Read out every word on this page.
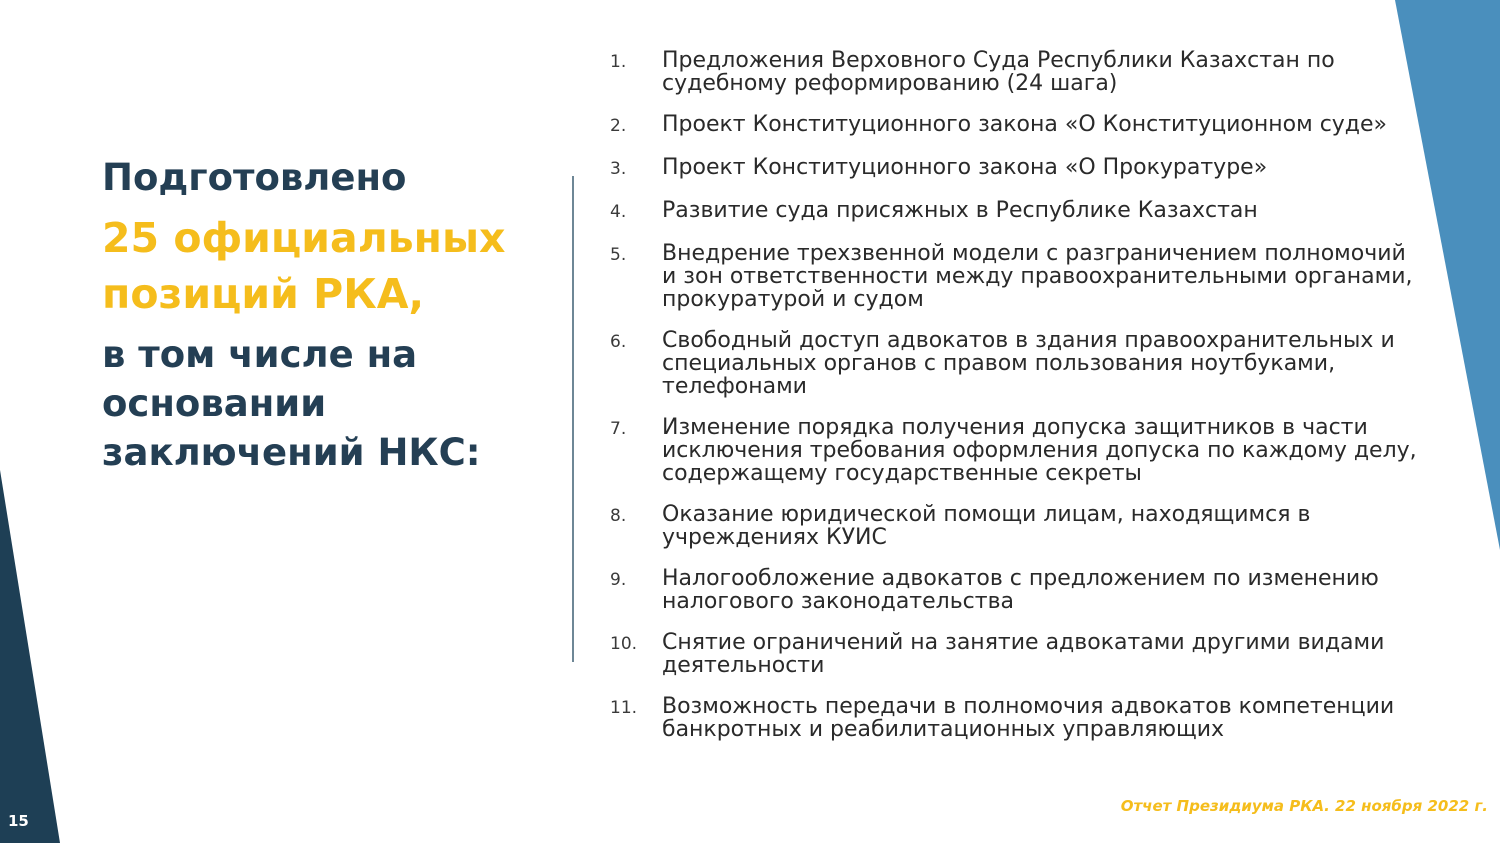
15

Подготовлено

25 официальных позиций РКА,

в том числе на основании заключений НКС:

1.	Предложения Верховного Суда Республики Казахстан по судебному реформированию (24 шага)
2.	Проект Конституционного закона «О Конституционном суде»
3.	Проект Конституционного закона «О Прокуратуре»
4.	Развитие суда присяжных в Республике Казахстан
5.	Внедрение трехзвенной модели с разграничением полномочий и зон ответственности между правоохранительными органами, прокуратурой и судом
6.	Свободный доступ адвокатов в здания правоохранительных и специальных органов с правом пользования ноутбуками, телефонами
7.	Изменение порядка получения допуска защитников в части исключения требования оформления допуска по каждому делу, содержащему государственные секреты
8.	Оказание юридической помощи лицам, находящимся в учреждениях КУИС
9.	Налогообложение адвокатов с предложением по изменению налогового законодательства
10.	Снятие ограничений на занятие адвокатами другими видами деятельности
11.	Возможность передачи в полномочия адвокатов компетенции банкротных и реабилитационных управляющих
Отчет Президиума РКА. 22 ноября 2022 г.
